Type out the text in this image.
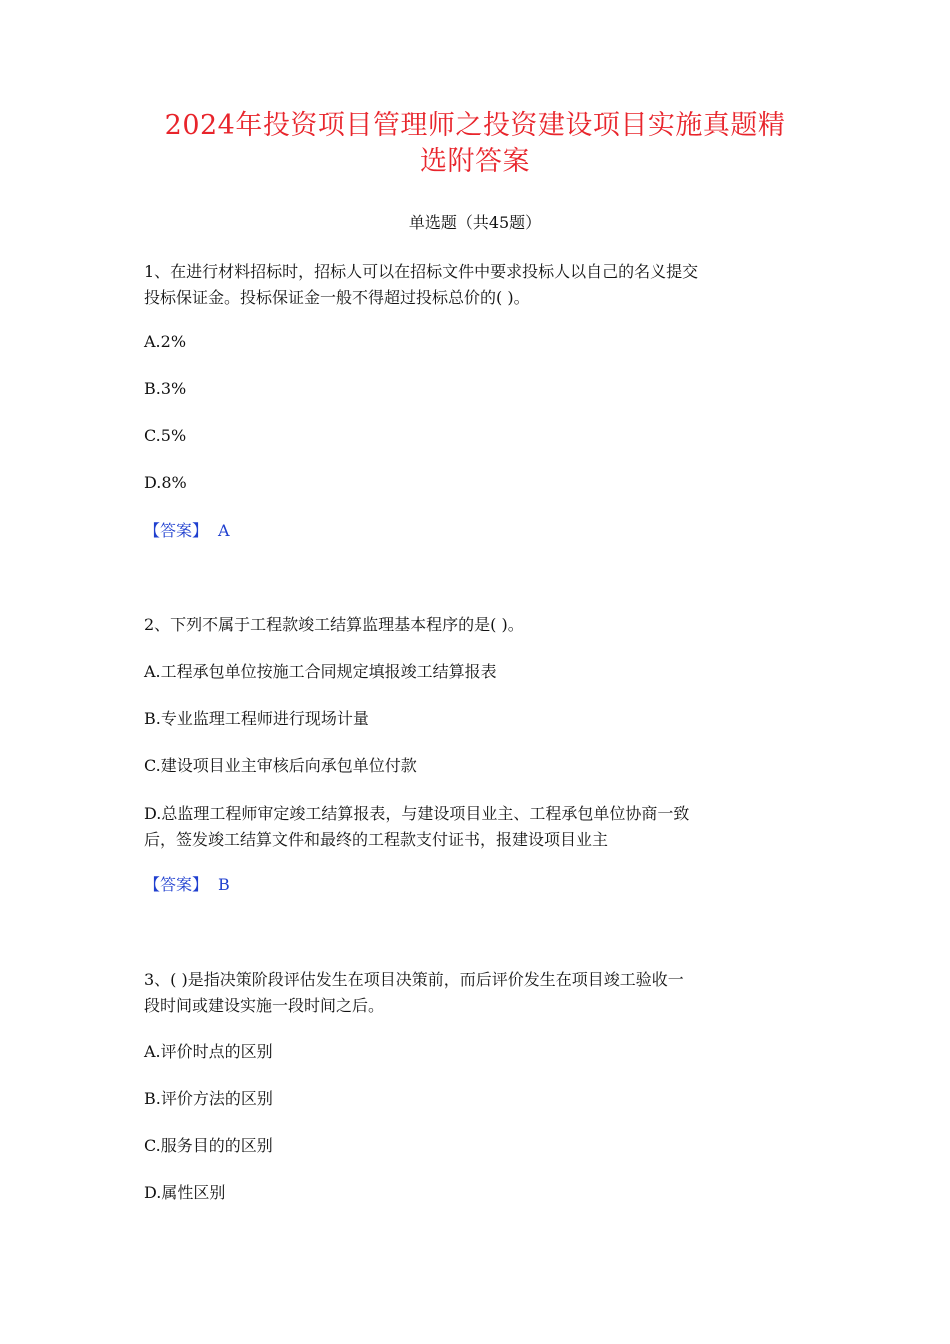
2024年投资项目管理师之投资建设项目实施真题精
选附答案
单选题（共45题）
1、在进行材料招标时，招标人可以在招标文件中要求投标人以自己的名义提交
投标保证金。投标保证金一般不得超过投标总价的( )。
A.2%
B.3%
C.5%
D.8%
【答案】 A
2、下列不属于工程款竣工结算监理基本程序的是( )。
A.工程承包单位按施工合同规定填报竣工结算报表
B.专业监理工程师进行现场计量
C.建设项目业主审核后向承包单位付款
D.总监理工程师审定竣工结算报表，与建设项目业主、工程承包单位协商一致
后，签发竣工结算文件和最终的工程款支付证书，报建设项目业主
【答案】 B
3、( )是指决策阶段评估发生在项目决策前，而后评价发生在项目竣工验收一
段时间或建设实施一段时间之后。
A.评价时点的区别
B.评价方法的区别
C.服务目的的区别
D.属性区别
